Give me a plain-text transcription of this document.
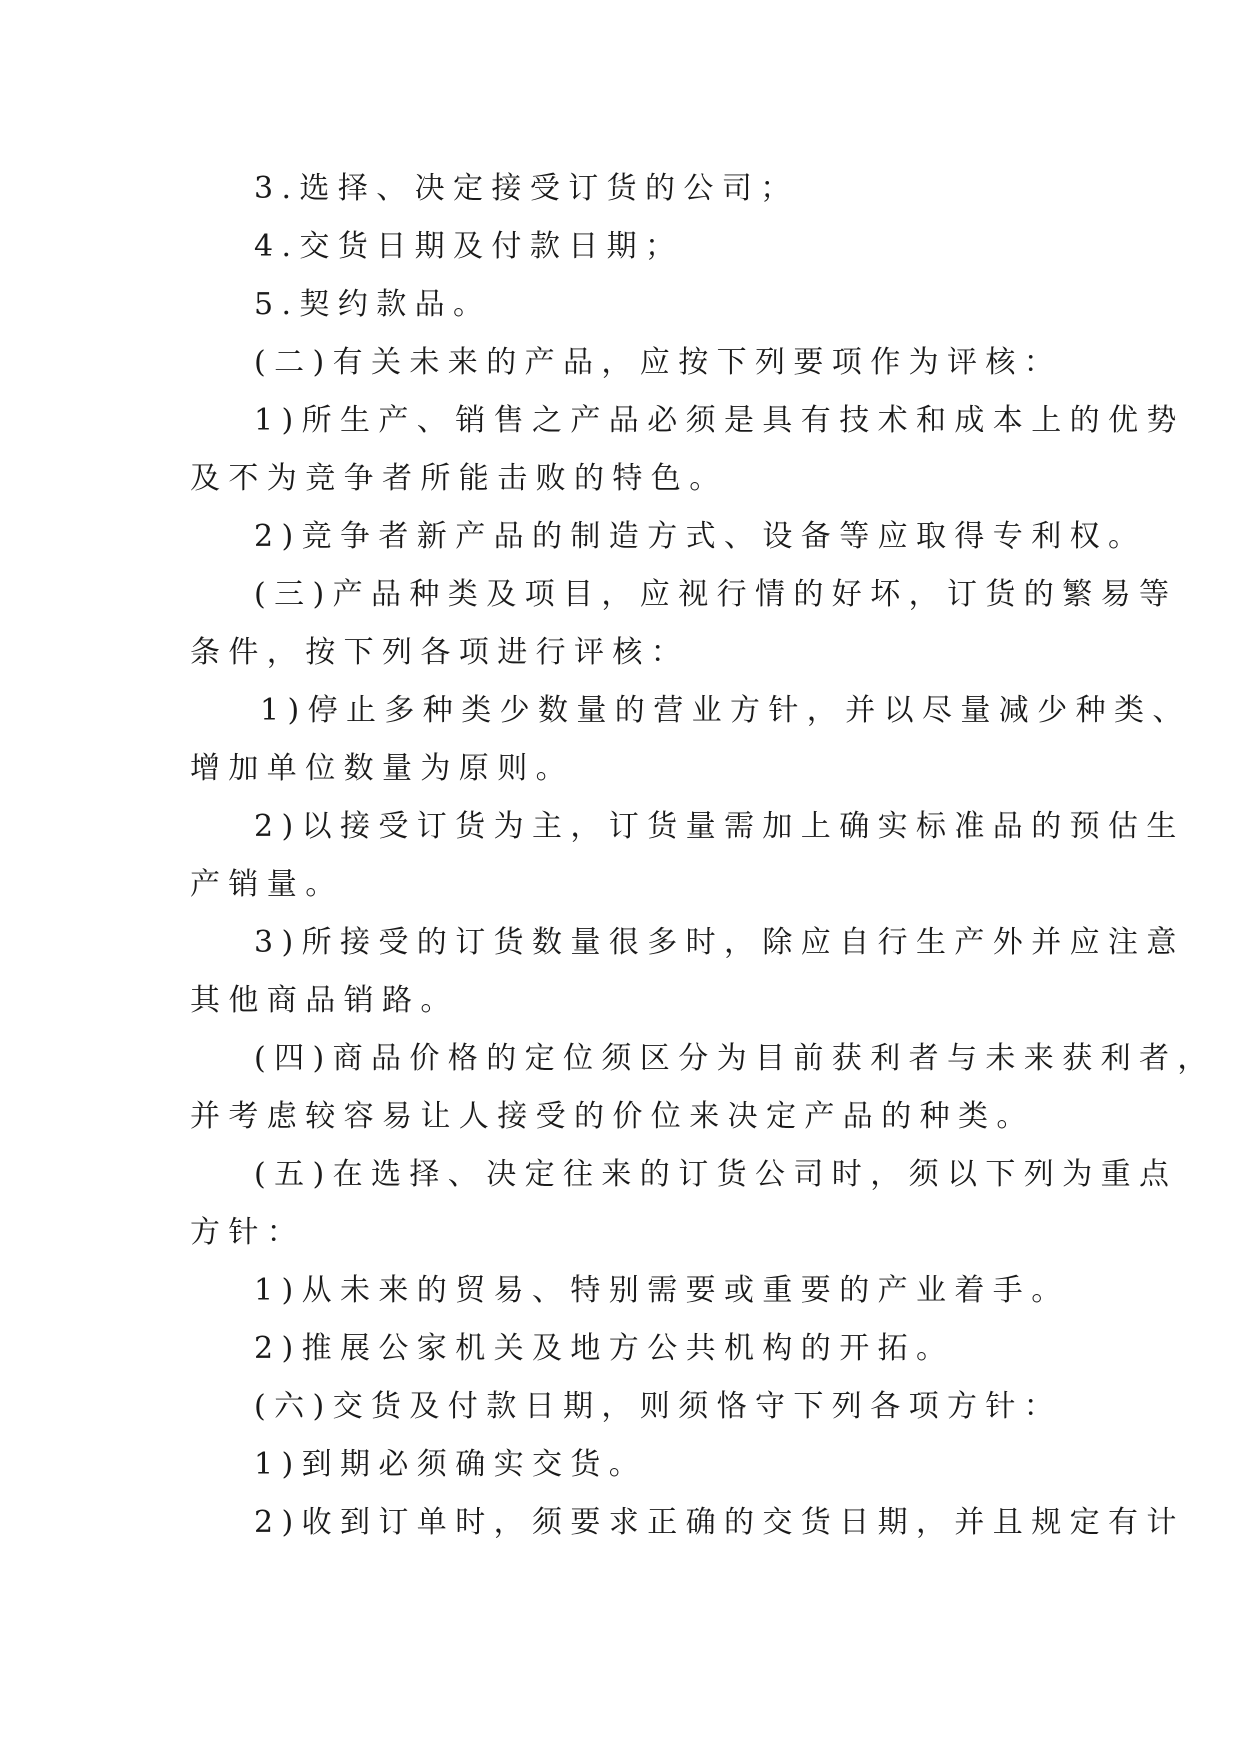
3.选择、决定接受订货的公司；

4.交货日期及付款日期；

5.契约款品。

(二)有关未来的产品，应按下列要项作为评核：

1)所生产、销售之产品必须是具有技术和成本上的优势

及不为竞争者所能击败的特色。

2)竞争者新产品的制造方式、设备等应取得专利权。

(三)产品种类及项目，应视行情的好坏，订货的繁易等

条件，按下列各项进行评核：

1)停止多种类少数量的营业方针，并以尽量减少种类、

增加单位数量为原则。

2)以接受订货为主，订货量需加上确实标准品的预估生

产销量。

3)所接受的订货数量很多时，除应自行生产外并应注意

其他商品销路。

(四)商品价格的定位须区分为目前获利者与未来获利者，

并考虑较容易让人接受的价位来决定产品的种类。

(五)在选择、决定往来的订货公司时，须以下列为重点

方针：

1)从未来的贸易、特别需要或重要的产业着手。

2)推展公家机关及地方公共机构的开拓。

(六)交货及付款日期，则须恪守下列各项方针：

1)到期必须确实交货。

2)收到订单时，须要求正确的交货日期，并且规定有计
